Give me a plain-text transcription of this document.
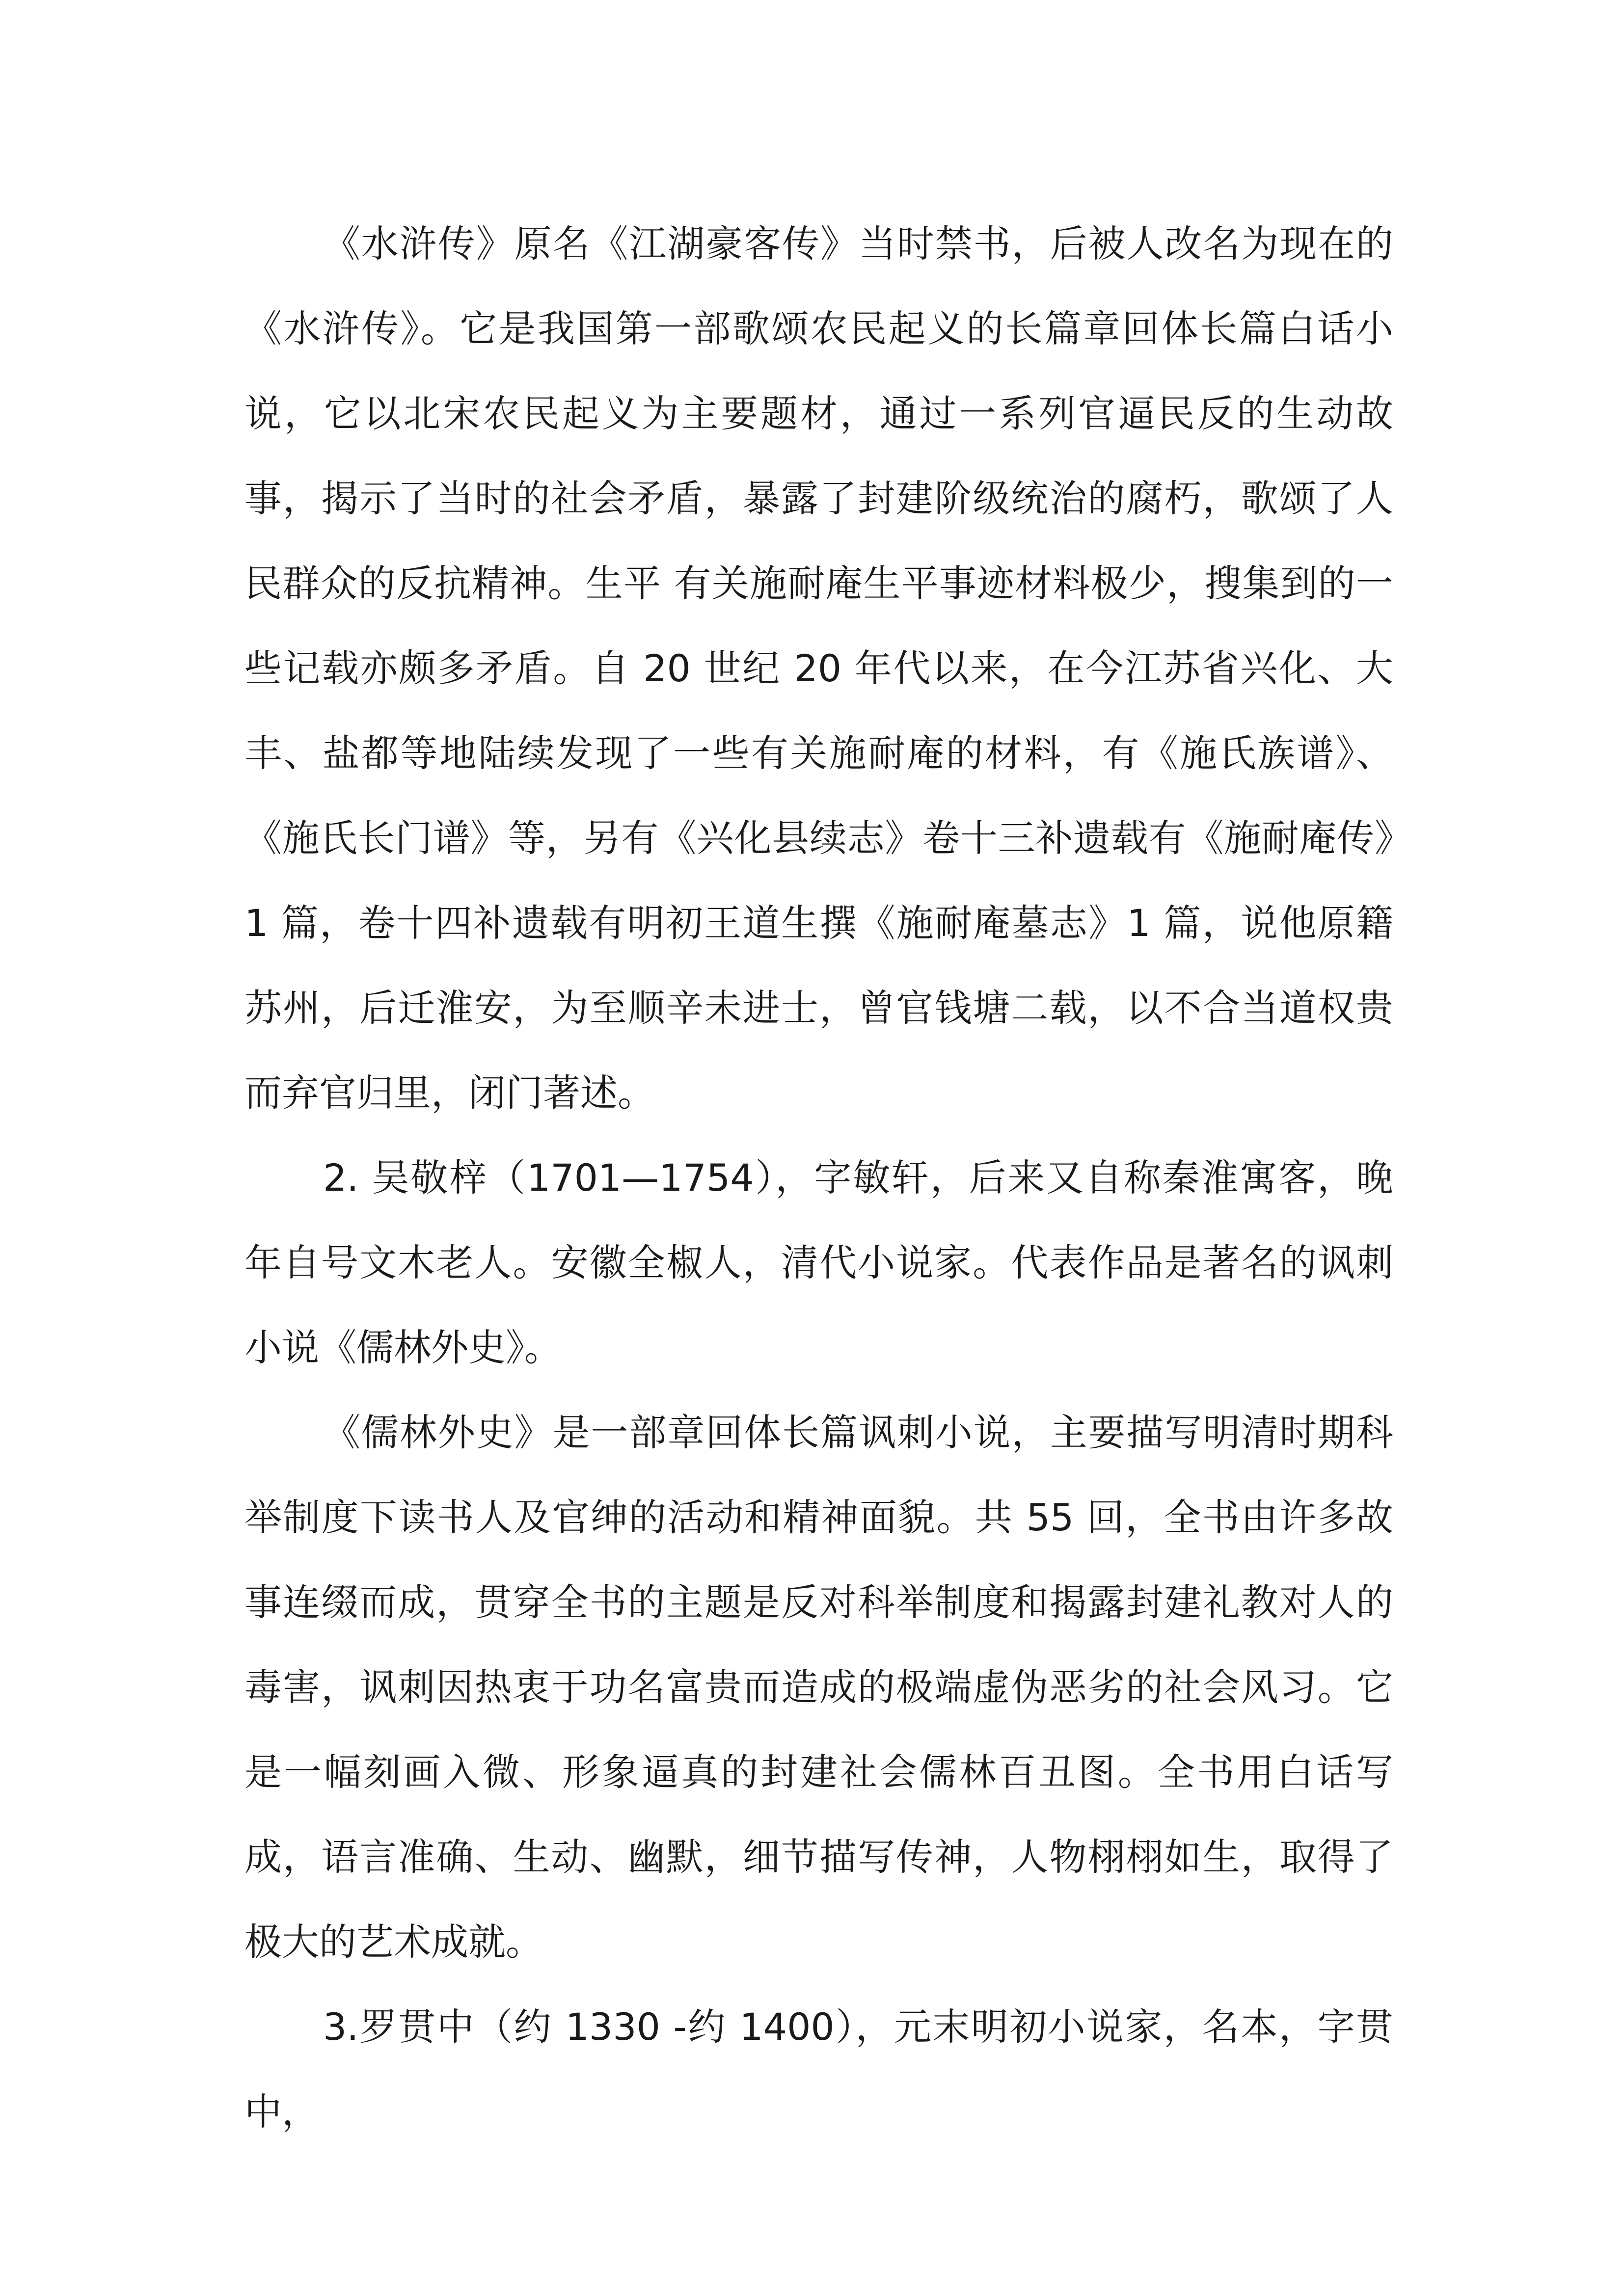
《水浒传》原名《江湖豪客传》当时禁书，后被人改名为现在的《水浒传》。它是我国第一部歌颂农民起义的长篇章回体长篇白话小说，它以北宋农民起义为主要题材，通过一系列官逼民反的生动故事，揭示了当时的社会矛盾，暴露了封建阶级统治的腐朽，歌颂了人民群众的反抗精神。生平 有关施耐庵生平事迹材料极少，搜集到的一些记载亦颇多矛盾。自 20 世纪 20 年代以来，在今江苏省兴化、大丰、盐都等地陆续发现了一些有关施耐庵的材料，有《施氏族谱》、《施氏长门谱》等，另有《兴化县续志》卷十三补遗载有《施耐庵传》1 篇，卷十四补遗载有明初王道生撰《施耐庵墓志》1 篇，说他原籍苏州，后迁淮安，为至顺辛未进士，曾官钱塘二载，以不合当道权贵而弃官归里，闭门著述。

2. 吴敬梓（1701—1754），字敏轩，后来又自称秦淮寓客，晚年自号文木老人。安徽全椒人，清代小说家。代表作品是著名的讽刺小说《儒林外史》。

《儒林外史》是一部章回体长篇讽刺小说，主要描写明清时期科举制度下读书人及官绅的活动和精神面貌。共 55 回，全书由许多故事连缀而成，贯穿全书的主题是反对科举制度和揭露封建礼教对人的毒害，讽刺因热衷于功名富贵而造成的极端虚伪恶劣的社会风习。它是一幅刻画入微、形象逼真的封建社会儒林百丑图。全书用白话写成，语言准确、生动、幽默，细节描写传神，人物栩栩如生，取得了极大的艺术成就。

3.罗贯中（约 1330 -约 1400），元末明初小说家，名本，字贯中，
